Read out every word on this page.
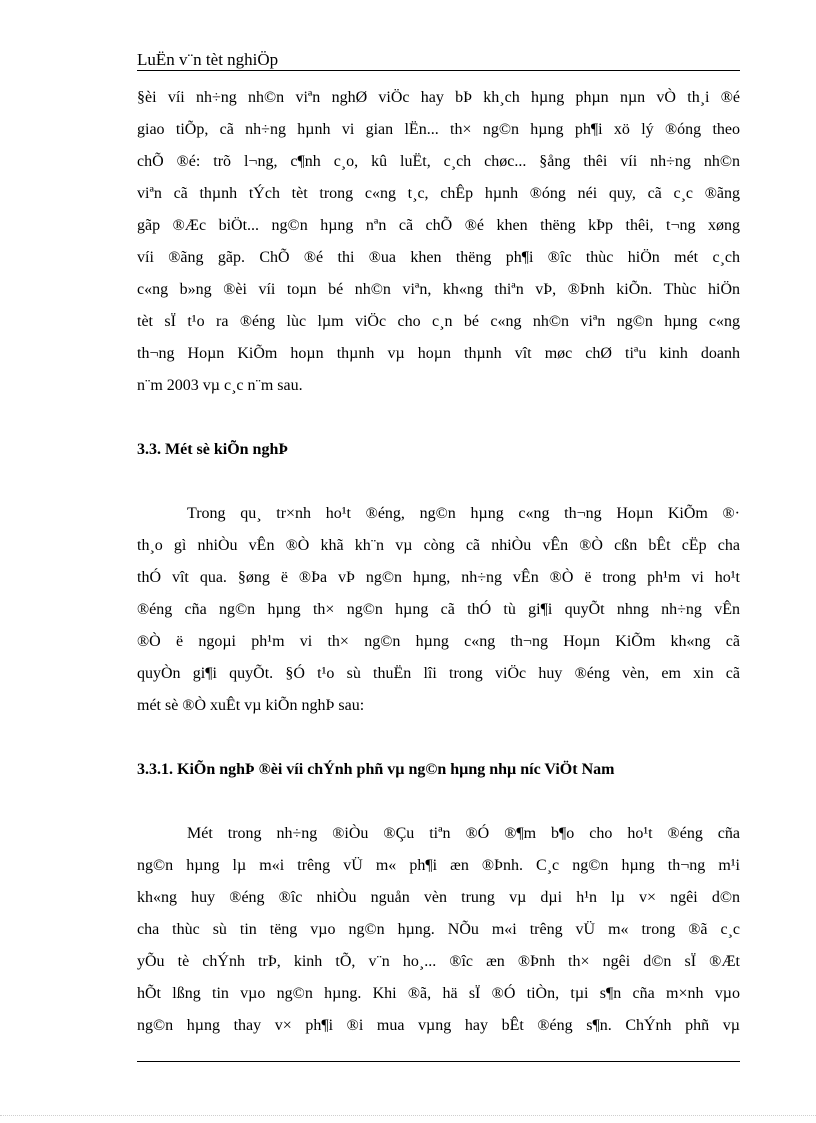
LuËn v¨n tèt nghiÖp
§èi víi nh÷ng nh©n viªn nghØ viÖc hay bÞ kh¸ch hµng phµn nµn vÒ th¸i ®é
giao tiÕp, cã nh÷ng hµnh vi gian lËn... th× ng©n hµng ph¶i xö lý ®óng theo
chÕ ®é: trõ l¬ng, c¶nh c¸o, kû luËt, c¸ch chøc... §ång thêi víi nh÷ng nh©n
viªn cã thµnh tÝch tèt trong c«ng t¸c, chÊp hµnh ®óng néi quy, cã c¸c ®ãng
gãp ®Æc biÖt... ng©n hµng nªn cã chÕ ®é khen thëng kÞp thêi, t¬ng xøng
víi ®ãng gãp. ChÕ ®é thi ®ua khen thëng ph¶i ®îc thùc hiÖn mét c¸ch
c«ng b»ng ®èi víi toµn bé nh©n viªn, kh«ng thiªn vÞ, ®Þnh kiÕn. Thùc hiÖn
tèt sÏ t¹o ra ®éng lùc lµm viÖc cho c¸n bé c«ng nh©n viªn ng©n hµng c«ng
th¬ng Hoµn KiÕm hoµn thµnh vµ hoµn thµnh vît møc chØ tiªu kinh doanh
n¨m 2003 vµ c¸c n¨m sau.
3.3. Mét sè kiÕn nghÞ
Trong qu¸ tr×nh ho¹t ®éng, ng©n hµng c«ng th¬ng Hoµn KiÕm ®·
th¸o gì nhiÒu vÊn ®Ò khã kh¨n vµ còng cã nhiÒu vÊn ®Ò cßn bÊt cËp cha
thÓ vît qua. §øng ë ®Þa vÞ ng©n hµng, nh÷ng vÊn ®Ò ë trong ph¹m vi ho¹t
®éng cña ng©n hµng th× ng©n hµng cã thÓ tù gi¶i quyÕt nhng nh÷ng vÊn
®Ò ë ngoµi ph¹m vi th× ng©n hµng c«ng th¬ng Hoµn KiÕm kh«ng cã
quyÒn gi¶i quyÕt. §Ó t¹o sù thuËn lîi trong viÖc huy ®éng vèn, em xin cã
mét sè ®Ò xuÊt vµ kiÕn nghÞ sau:
3.3.1. KiÕn nghÞ ®èi víi chÝnh phñ vµ ng©n hµng nhµ níc ViÖt Nam
Mét trong nh÷ng ®iÒu ®Çu tiªn ®Ó ®¶m b¶o cho ho¹t ®éng cña
ng©n hµng lµ m«i trêng vÜ m« ph¶i æn ®Þnh. C¸c ng©n hµng th¬ng m¹i
kh«ng huy ®éng ®îc nhiÒu nguån vèn trung vµ dµi h¹n lµ v× ngêi d©n
cha thùc sù tin tëng vµo ng©n hµng. NÕu m«i trêng vÜ m« trong ®ã c¸c
yÕu tè chÝnh trÞ, kinh tÕ, v¨n ho¸... ®îc æn ®Þnh th× ngêi d©n sÏ ®Æt
hÕt lßng tin vµo ng©n hµng. Khi ®ã, hä sÏ ®Ó tiÒn, tµi s¶n cña m×nh vµo
ng©n hµng thay v× ph¶i ®i mua vµng hay bÊt ®éng s¶n. ChÝnh phñ vµ
